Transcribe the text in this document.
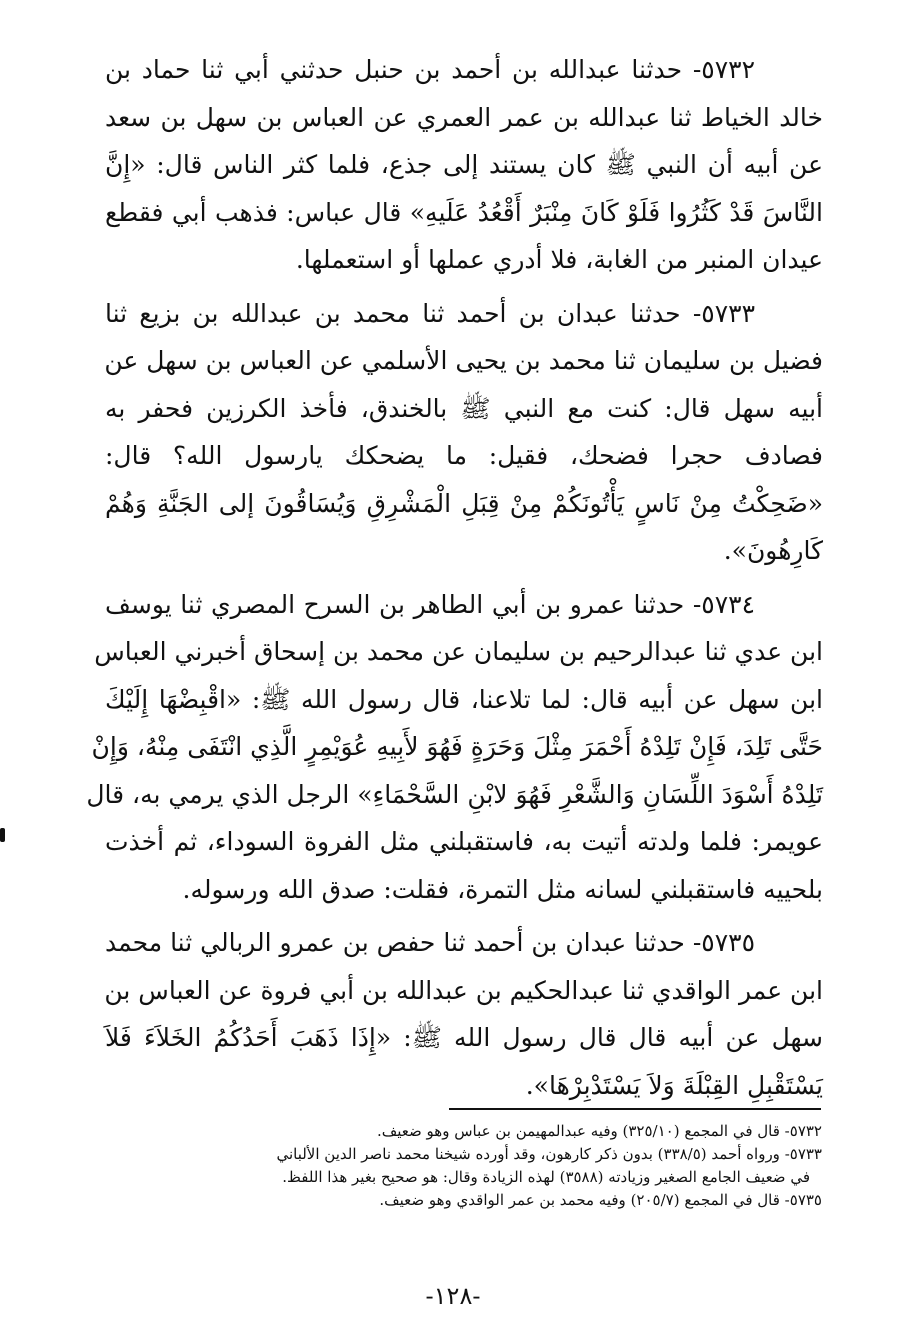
٥٧٣٢- حدثنا عبدالله بن أحمد بن حنبل حدثني أبي ثنا حماد بن
خالد الخياط ثنا عبدالله بن عمر العمري عن العباس بن سهل بن سعد
عن أبيه أن النبي ﷺ كان يستند إلى جذع، فلما كثر الناس قال: «إِنَّ
النَّاسَ قَدْ كَثُرُوا فَلَوْ كَانَ مِنْبَرٌ أَقْعُدُ عَلَيهِ» قال عباس: فذهب أبي فقطع
عيدان المنبر من الغابة، فلا أدري عملها أو استعملها.
٥٧٣٣- حدثنا عبدان بن أحمد ثنا محمد بن عبدالله بن بزيع ثنا
فضيل بن سليمان ثنا محمد بن يحيى الأسلمي عن العباس بن سهل عن
أبيه سهل قال: كنت مع النبي ﷺ بالخندق، فأخذ الكرزين فحفر به
فصادف حجرا فضحك، فقيل: ما يضحكك يارسول الله؟ قال:
«ضَحِكْتُ مِنْ نَاسٍ يَأْتُونَكُمْ مِنْ قِبَلِ الْمَشْرِقِ وَيُسَاقُونَ إلى الجَنَّةِ وَهُمْ
كَارِهُونَ».
٥٧٣٤- حدثنا عمرو بن أبي الطاهر بن السرح المصري ثنا يوسف
ابن عدي ثنا عبدالرحيم بن سليمان عن محمد بن إسحاق أخبرني العباس
ابن سهل عن أبيه قال: لما تلاعنا، قال رسول الله ﷺ: «اقْبِضْهَا إِلَيْكَ
حَتَّى تَلِدَ، فَإِنْ تَلِدْهُ أَحْمَرَ مِثْلَ وَحَرَةٍ فَهُوَ لأَبِيهِ عُوَيْمِرٍ الَّذِي انْتَفَى مِنْهُ، وَإِنْ
تَلِدْهُ أَسْوَدَ اللِّسَانِ وَالشَّعْرِ فَهُوَ لابْنِ السَّحْمَاءِ» الرجل الذي يرمي به، قال
عويمر: فلما ولدته أتيت به، فاستقبلني مثل الفروة السوداء، ثم أخذت
بلحييه فاستقبلني لسانه مثل التمرة، فقلت: صدق الله ورسوله.
٥٧٣٥- حدثنا عبدان بن أحمد ثنا حفص بن عمرو الربالي ثنا محمد
ابن عمر الواقدي ثنا عبدالحكيم بن عبدالله بن أبي فروة عن العباس بن
سهل عن أبيه قال قال رسول الله ﷺ: «إِذَا ذَهَبَ أَحَدُكُمُ الخَلاَءَ فَلاَ
يَسْتَقْبِلِ القِبْلَةَ وَلاَ يَسْتَدْبِرْهَا».
٥٧٣٢- قال في المجمع (٣٢٥/١٠) وفيه عبدالمهيمن بن عباس وهو ضعيف.
٥٧٣٣- ورواه أحمد (٣٣٨/٥) بدون ذكر كارهون، وقد أورده شيخنا محمد ناصر الدين الألباني
في ضعيف الجامع الصغير وزيادته (٣٥٨٨) لهذه الزيادة وقال: هو صحيح بغير هذا اللفظ.
٥٧٣٥- قال في المجمع (٢٠٥/٧) وفيه محمد بن عمر الواقدي وهو ضعيف.
-١٢٨-
